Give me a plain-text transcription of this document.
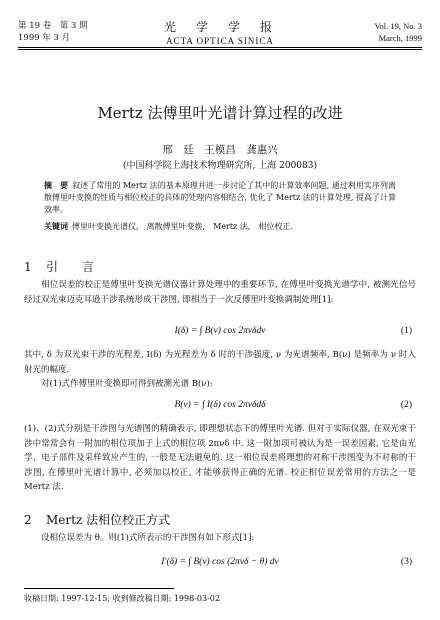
第 19 卷　第 3 期
1999 年 3 月
光　学　学　报
ACTA OPTICA SINICA
Vol. 19, No. 3
March, 1999
Mertz 法傅里叶光谱计算过程的改进
邢　廷　王模昌　龚惠兴
(中国科学院上海技术物理研究所, 上海 200083)
摘　要 叙述了常用的 Mertz 法的基本原理并进一步讨论了其中的计算效率问题, 通过利用实序列离散傅里叶变换的性质与相位校正的具体的处理内容相结合, 优化了 Mertz 法的计算处理, 提高了计算效率。
关键词 傅里叶变换光谱仪,　离散傅里叶变换,　Mertz 法,　相位校正.
1 引　　言

相位误差的校正是傅里叶变换光谱仪器计算处理中的重要环节, 在傅里叶变换光谱学中, 被测光信号经过双光束迈克耳逊干涉系统形成干涉图, 即相当于一次反傅里叶变换调制处理[1]:

I(δ) = ∫ B(ν) cos 2πνδdν	(1)

其中, δ 为双光束干涉的光程差, I(δ) 为光程差为 δ 时的干涉强度, ν 为光谱频率, B(ν) 是频率为 ν 时入射光的幅度.

对(1)式作傅里叶变换即可得到被测光谱 B(ν):

B(ν) = ∫ I(δ) cos 2πνδdδ	(2)

(1)、(2)式分别是干涉图与光谱图的精确表示, 即理想状态下的傅里叶光谱. 但对于实际仪器, 在双光束干涉中常常会有一附加的相位项加于上式的相位项 2πνδ 中. 这一附加项可被认为是一误差因素, 它是由光学、电子部件及采样致应产生的, 一般是无法避免的. 这一相位误差将理想的对称干涉图变为不对称的干涉图, 在傅里叶光谱计算中, 必须加以校正, 才能够获得正确的光谱. 校正相位误差常用的方法之一是 Mertz 法.

2 Mertz 法相位校正方式

设相位误差为 θ。则(1)式所表示的干涉图有如下形式[1]:

I′(δ) = ∫ B(ν) cos (2πνδ − θ) dν	(3)
收稿日期: 1997-12-15; 收到修改稿日期: 1998-03-02
